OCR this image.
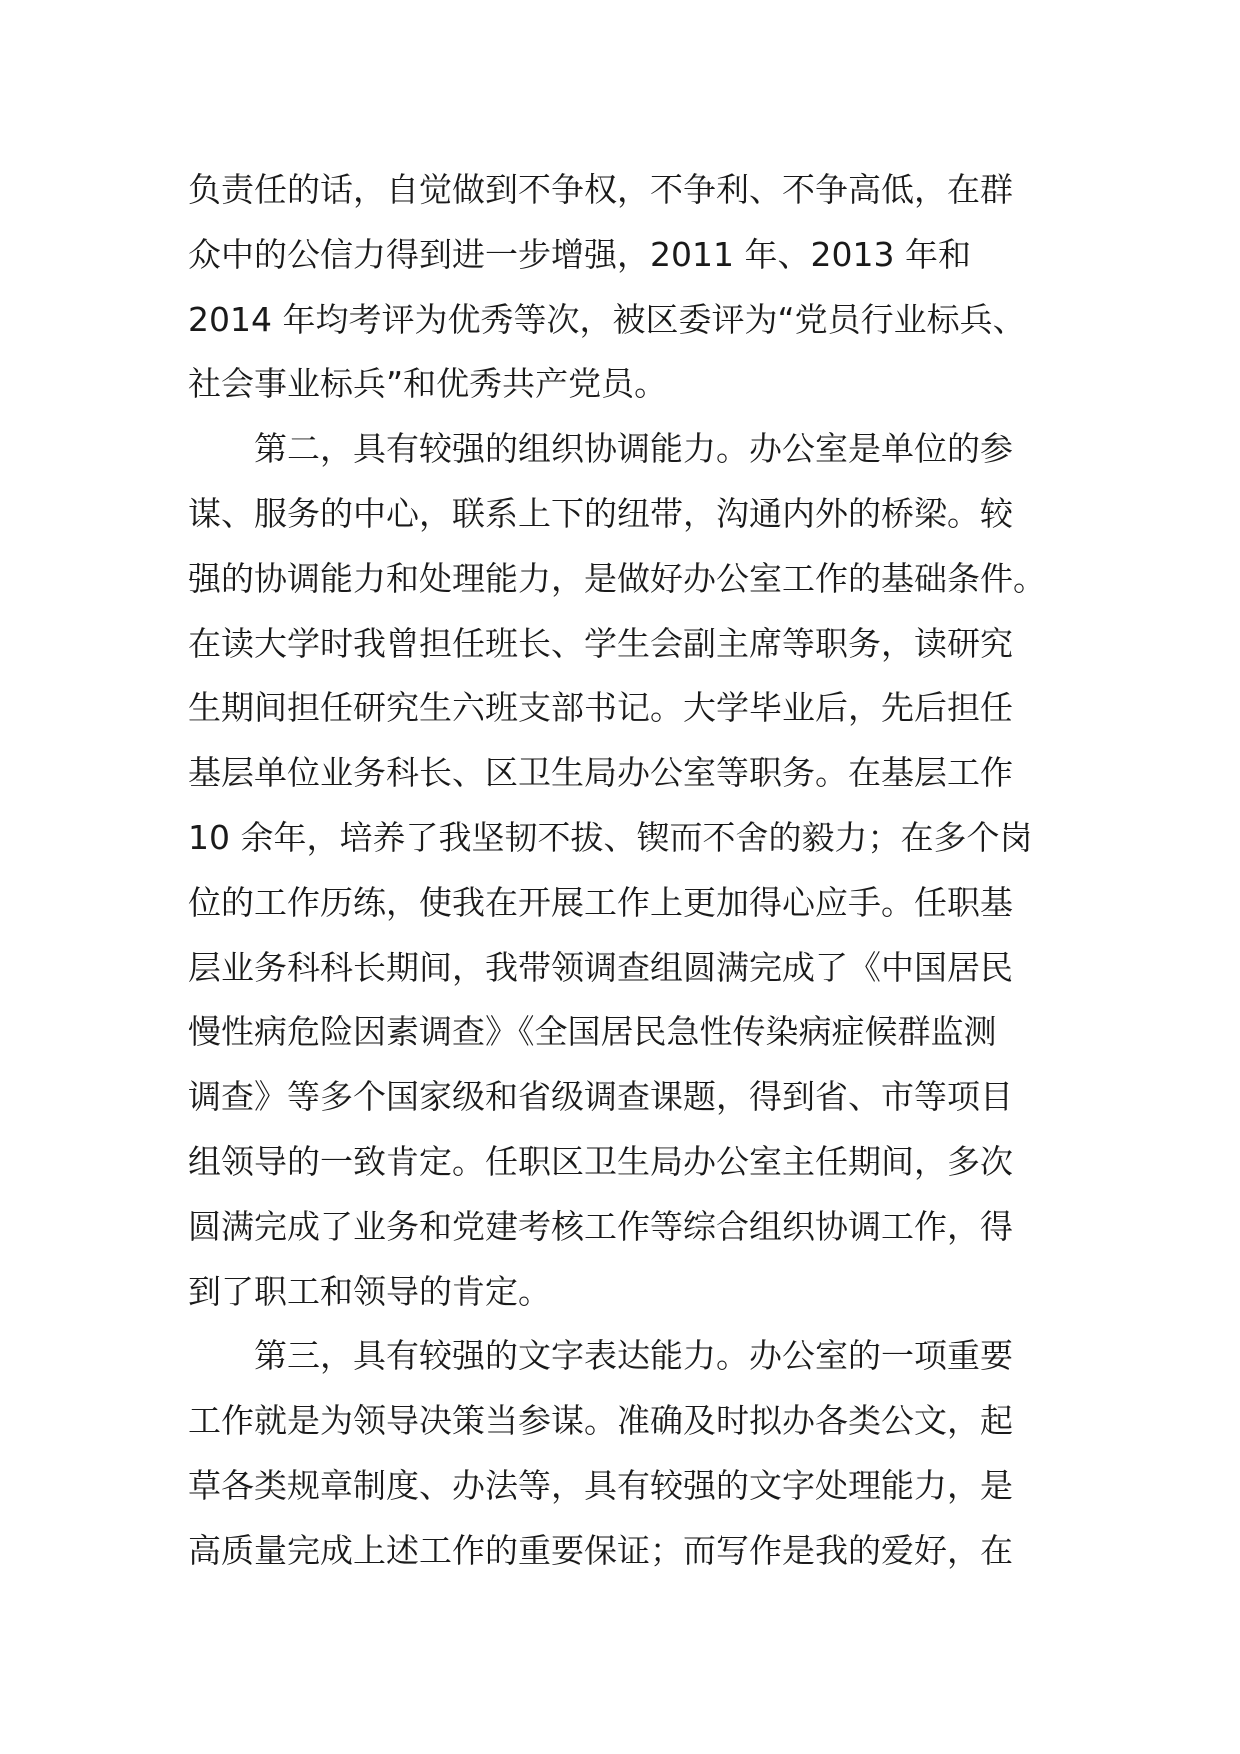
负责任的话，自觉做到不争权，不争利、不争高低，在群
众中的公信力得到进一步增强，2011 年、2013 年和
2014 年均考评为优秀等次，被区委评为“党员行业标兵、
社会事业标兵”和优秀共产党员。
第二，具有较强的组织协调能力。办公室是单位的参
谋、服务的中心，联系上下的纽带，沟通内外的桥梁。较
强的协调能力和处理能力，是做好办公室工作的基础条件。
在读大学时我曾担任班长、学生会副主席等职务，读研究
生期间担任研究生六班支部书记。大学毕业后，先后担任
基层单位业务科长、区卫生局办公室等职务。在基层工作
10 余年，培养了我坚韧不拔、锲而不舍的毅力；在多个岗
位的工作历练，使我在开展工作上更加得心应手。任职基
层业务科科长期间，我带领调查组圆满完成了《中国居民
慢性病危险因素调查》《全国居民急性传染病症候群监测
调查》等多个国家级和省级调查课题，得到省、市等项目
组领导的一致肯定。任职区卫生局办公室主任期间，多次
圆满完成了业务和党建考核工作等综合组织协调工作，得
到了职工和领导的肯定。
第三，具有较强的文字表达能力。办公室的一项重要
工作就是为领导决策当参谋。准确及时拟办各类公文，起
草各类规章制度、办法等，具有较强的文字处理能力，是
高质量完成上述工作的重要保证；而写作是我的爱好，在
